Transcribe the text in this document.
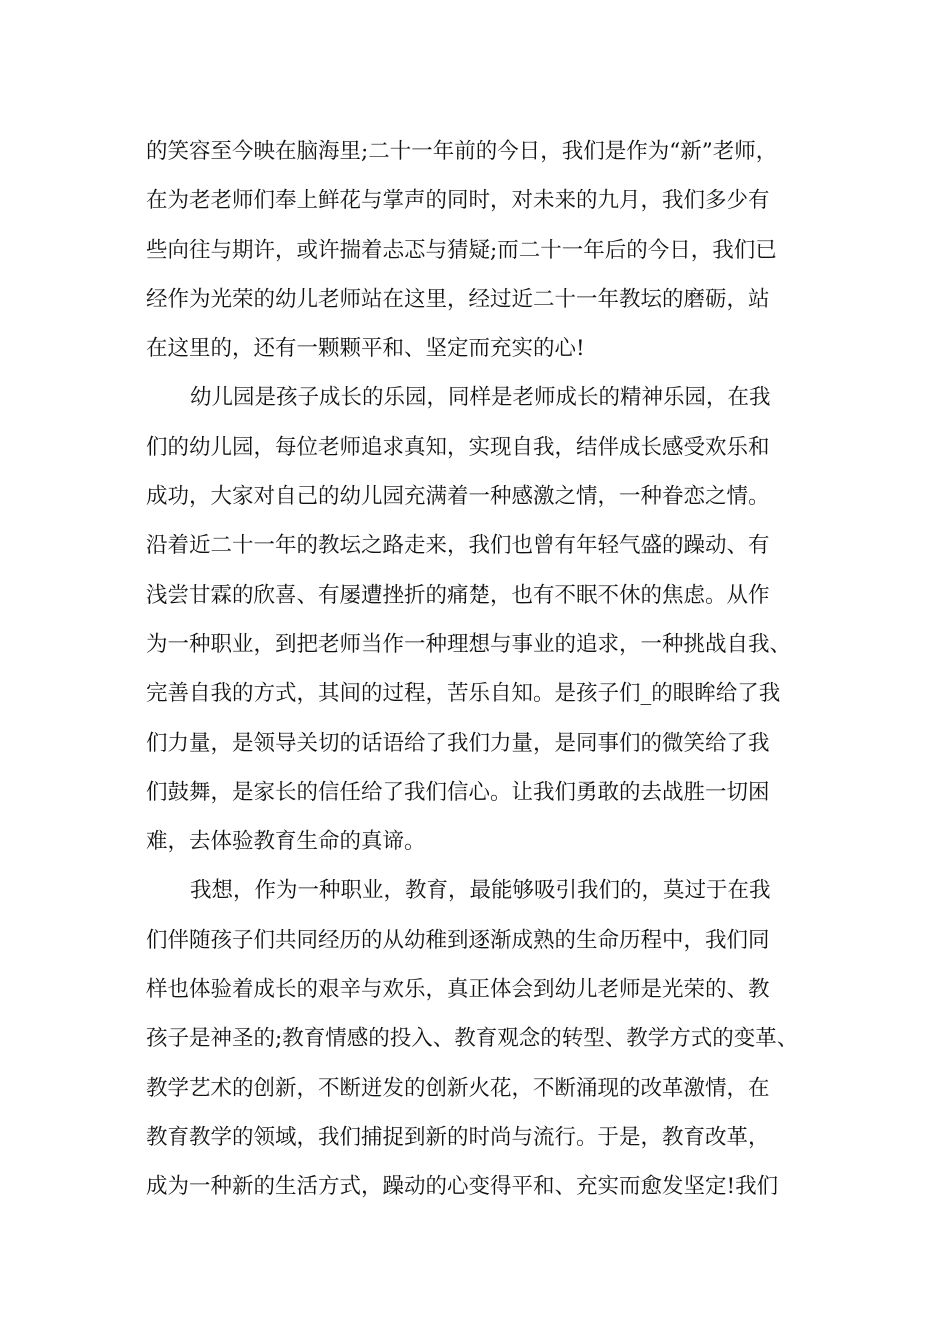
的笑容至今映在脑海里;二十一年前的今日，我们是作为“新”老师，
在为老老师们奉上鲜花与掌声的同时，对未来的九月，我们多少有
些向往与期许，或许揣着忐忑与猜疑;而二十一年后的今日，我们已
经作为光荣的幼儿老师站在这里，经过近二十一年教坛的磨砺，站
在这里的，还有一颗颗平和、坚定而充实的心!
幼儿园是孩子成长的乐园，同样是老师成长的精神乐园，在我
们的幼儿园，每位老师追求真知，实现自我，结伴成长感受欢乐和
成功，大家对自己的幼儿园充满着一种感激之情，一种眷恋之情。
沿着近二十一年的教坛之路走来，我们也曾有年轻气盛的躁动、有
浅尝甘霖的欣喜、有屡遭挫折的痛楚，也有不眠不休的焦虑。从作
为一种职业，到把老师当作一种理想与事业的追求，一种挑战自我、
完善自我的方式，其间的过程，苦乐自知。是孩子们_的眼眸给了我
们力量，是领导关切的话语给了我们力量，是同事们的微笑给了我
们鼓舞，是家长的信任给了我们信心。让我们勇敢的去战胜一切困
难，去体验教育生命的真谛。
我想，作为一种职业，教育，最能够吸引我们的，莫过于在我
们伴随孩子们共同经历的从幼稚到逐渐成熟的生命历程中，我们同
样也体验着成长的艰辛与欢乐，真正体会到幼儿老师是光荣的、教
孩子是神圣的;教育情感的投入、教育观念的转型、教学方式的变革、
教学艺术的创新，不断迸发的创新火花，不断涌现的改革激情，在
教育教学的领域，我们捕捉到新的时尚与流行。于是，教育改革，
成为一种新的生活方式，躁动的心变得平和、充实而愈发坚定!我们
